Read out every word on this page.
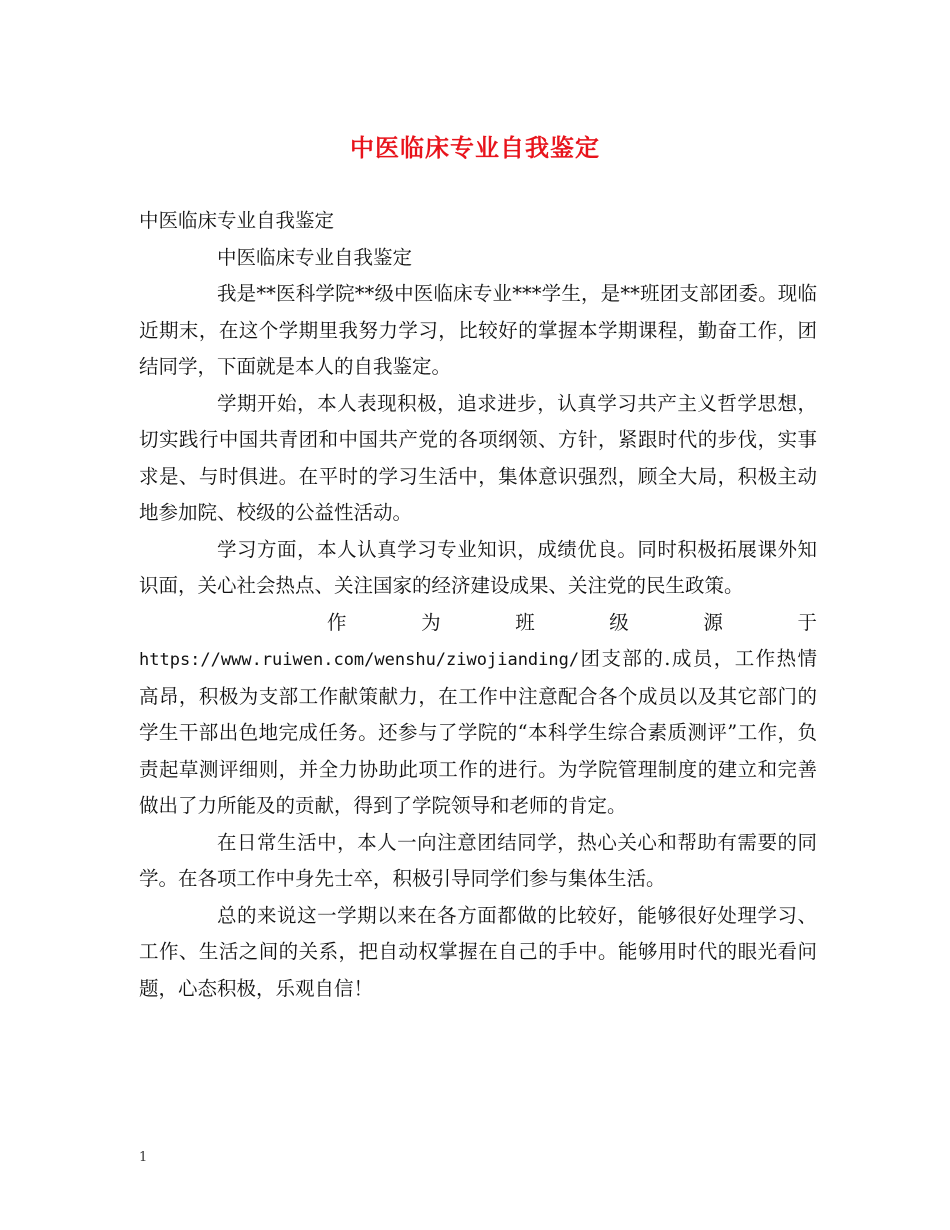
中医临床专业自我鉴定

中医临床专业自我鉴定

中医临床专业自我鉴定

我是**医科学院**级中医临床专业***学生，是**班团支部团委。现临近期末，在这个学期里我努力学习，比较好的掌握本学期课程，勤奋工作，团结同学，下面就是本人的自我鉴定。

学期开始，本人表现积极，追求进步，认真学习共产主义哲学思想，切实践行中国共青团和中国共产党的各项纲领、方针，紧跟时代的步伐，实事求是、与时俱进。在平时的学习生活中，集体意识强烈，顾全大局，积极主动地参加院、校级的公益性活动。

学习方面，本人认真学习专业知识，成绩优良。同时积极拓展课外知识面，关心社会热点、关注国家的经济建设成果、关注党的民生政策。

作 为 班 级 源 于

https://www.ruiwen.com/wenshu/ziwojianding/团支部的.成员，工作热情高昂，积极为支部工作献策献力，在工作中注意配合各个成员以及其它部门的学生干部出色地完成任务。还参与了学院的“本科学生综合素质测评”工作，负责起草测评细则，并全力协助此项工作的进行。为学院管理制度的建立和完善做出了力所能及的贡献，得到了学院领导和老师的肯定。

在日常生活中，本人一向注意团结同学，热心关心和帮助有需要的同学。在各项工作中身先士卒，积极引导同学们参与集体生活。

总的来说这一学期以来在各方面都做的比较好，能够很好处理学习、工作、生活之间的关系，把自动权掌握在自己的手中。能够用时代的眼光看问题，心态积极，乐观自信！

1
